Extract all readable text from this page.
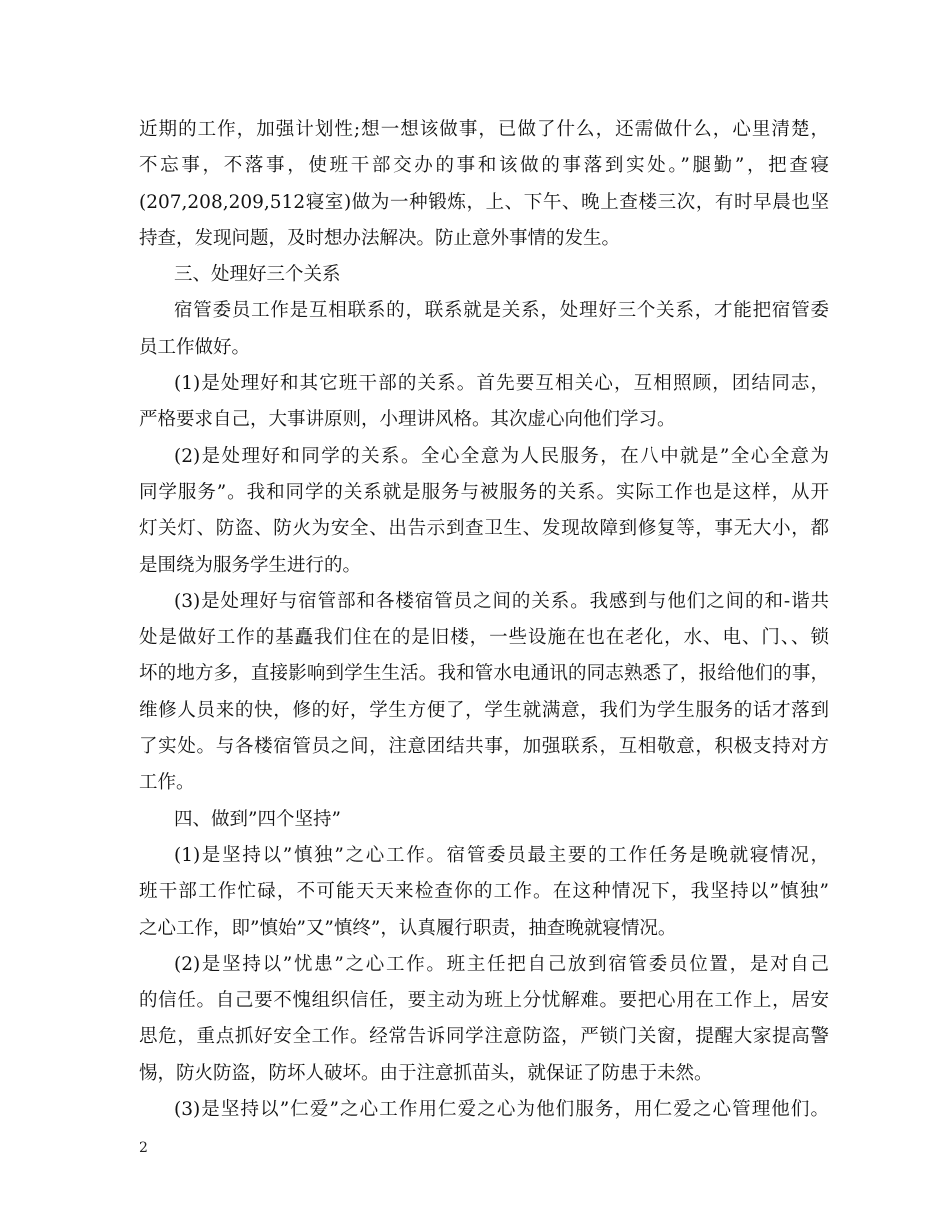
近期的工作，加强计划性;想一想该做事，已做了什么，还需做什么，心里清楚，
不忘事，不落事，使班干部交办的事和该做的事落到实处。”腿勤”，把查寝
(207,208,209,512寝室)做为一种锻炼，上、下午、晚上查楼三次，有时早晨也坚
持查，发现问题，及时想办法解决。防止意外事情的发生。
三、处理好三个关系
宿管委员工作是互相联系的，联系就是关系，处理好三个关系，才能把宿管委
员工作做好。
(1)是处理好和其它班干部的关系。首先要互相关心，互相照顾，团结同志，
严格要求自己，大事讲原则，小理讲风格。其次虚心向他们学习。
(2)是处理好和同学的关系。全心全意为人民服务，在八中就是”全心全意为
同学服务”。我和同学的关系就是服务与被服务的关系。实际工作也是这样，从开
灯关灯、防盗、防火为安全、出告示到查卫生、发现故障到修复等，事无大小，都
是围绕为服务学生进行的。
(3)是处理好与宿管部和各楼宿管员之间的关系。我感到与他们之间的和-谐共
处是做好工作的基矗我们住在的是旧楼，一些设施在也在老化，水、电、门、、锁
坏的地方多，直接影响到学生生活。我和管水电通讯的同志熟悉了，报给他们的事，
维修人员来的快，修的好，学生方便了，学生就满意，我们为学生服务的话才落到
了实处。与各楼宿管员之间，注意团结共事，加强联系，互相敬意，积极支持对方
工作。
四、做到”四个坚持”
(1)是坚持以”慎独”之心工作。宿管委员最主要的工作任务是晚就寝情况，
班干部工作忙碌，不可能天天来检查你的工作。在这种情况下，我坚持以”慎独”
之心工作，即”慎始”又”慎终”，认真履行职责，抽查晚就寝情况。
(2)是坚持以”忧患”之心工作。班主任把自己放到宿管委员位置，是对自己
的信任。自己要不愧组织信任，要主动为班上分忧解难。要把心用在工作上，居安
思危，重点抓好安全工作。经常告诉同学注意防盗，严锁门关窗，提醒大家提高警
惕，防火防盗，防坏人破坏。由于注意抓苗头，就保证了防患于未然。
(3)是坚持以”仁爱”之心工作用仁爱之心为他们服务，用仁爱之心管理他们。
2
